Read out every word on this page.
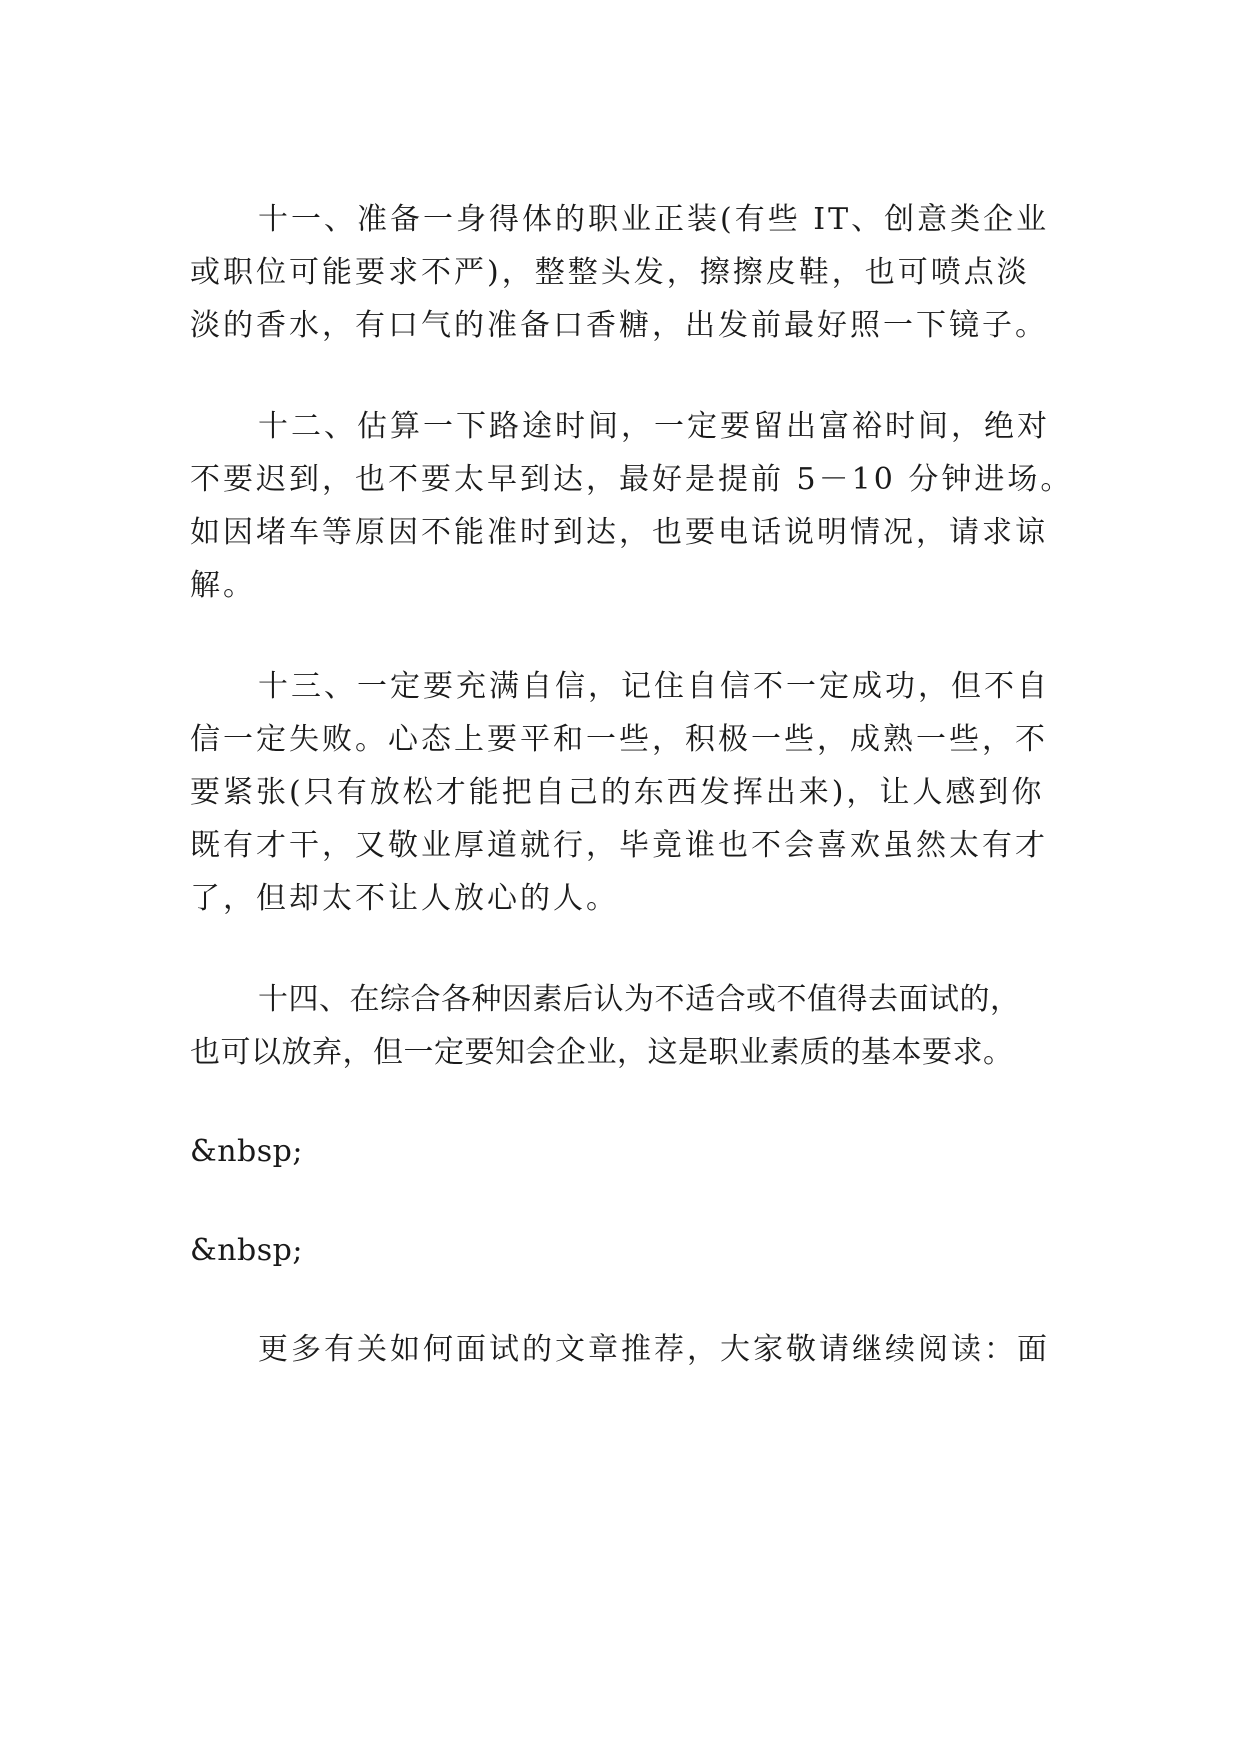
十一、准备一身得体的职业正装(有些 IT、创意类企业
或职位可能要求不严)，整整头发，擦擦皮鞋，也可喷点淡
淡的香水，有口气的准备口香糖，出发前最好照一下镜子。
十二、估算一下路途时间，一定要留出富裕时间，绝对
不要迟到，也不要太早到达，最好是提前 5－10 分钟进场。
如因堵车等原因不能准时到达，也要电话说明情况，请求谅
解。
十三、一定要充满自信，记住自信不一定成功，但不自
信一定失败。心态上要平和一些，积极一些，成熟一些，不
要紧张(只有放松才能把自己的东西发挥出来)，让人感到你
既有才干，又敬业厚道就行，毕竟谁也不会喜欢虽然太有才
了，但却太不让人放心的人。
十四、在综合各种因素后认为不适合或不值得去面试的，
也可以放弃，但一定要知会企业，这是职业素质的基本要求。
&nbsp;
&nbsp;
更多有关如何面试的文章推荐，大家敬请继续阅读：面
